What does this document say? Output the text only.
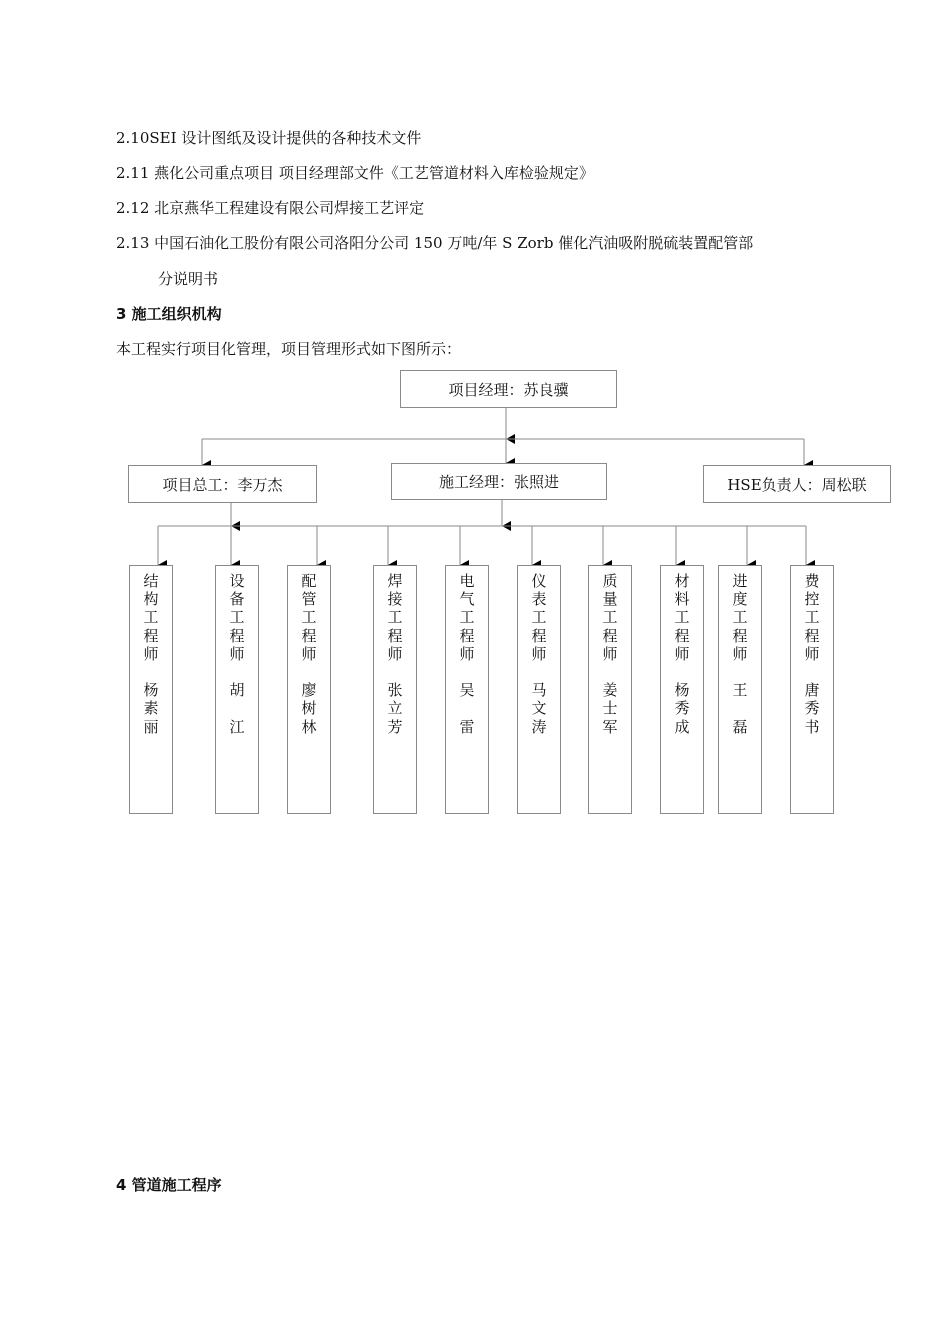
2.10SEI 设计图纸及设计提供的各种技术文件
2.11 燕化公司重点项目 项目经理部文件《工艺管道材料入库检验规定》
2.12 北京燕华工程建设有限公司焊接工艺评定
2.13 中国石油化工股份有限公司洛阳分公司 150 万吨/年 S Zorb 催化汽油吸附脱硫装置配管部
分说明书
3 施工组织机构
本工程实行项目化管理，项目管理形式如下图所示：
项目经理：苏良骥
项目总工：李万杰	施工经理：张照进	HSE负责人：周松联
结
构
工
程
师

杨
素
丽
设
备
工
程
师

胡

江
配
管
工
程
师

廖
树
林
焊
接
工
程
师

张
立
芳
电
气
工
程
师

吴

雷
仪
表
工
程
师

马
文
涛
质
量
工
程
师

姜
士
军
材
料
工
程
师

杨
秀
成
进
度
工
程
师

王

磊
费
控
工
程
师

唐
秀
书
4 管道施工程序
